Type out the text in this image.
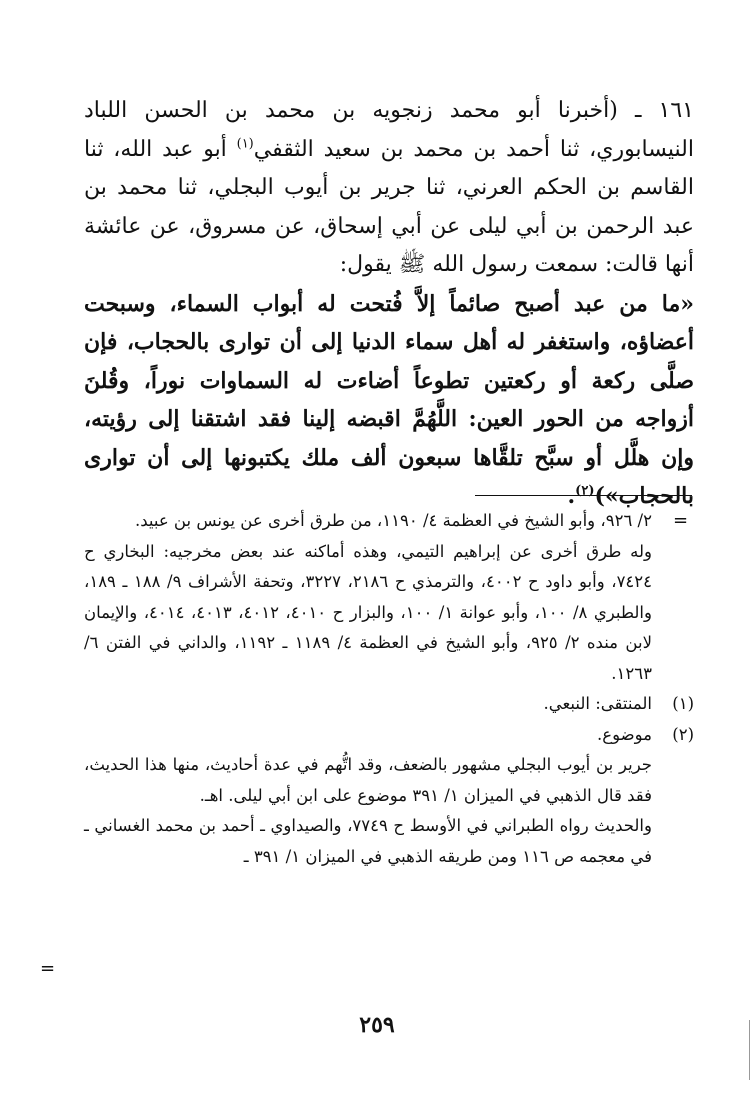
١٦١ ـ (أخبرنا أبو محمد زنجويه بن محمد بن الحسن اللباد النيسابوري، ثنا أحمد بن محمد بن سعيد الثقفي$^{(١)}$ أبو عبد الله، ثنا القاسم بن الحكم العرني، ثنا جرير بن أيوب البجلي، ثنا محمد بن عبد الرحمن بن أبي ليلى عن أبي إسحاق، عن مسروق، عن عائشة أنها قالت: سمعت رسول الله ﷺ يقول:

«ما من عبد أصبح صائماً إلاَّ فُتحت له أبواب السماء، وسبحت أعضاؤه، واستغفر له أهل سماء الدنيا إلى أن توارى بالحجاب، فإن صلَّى ركعة أو ركعتين تطوعاً أضاءت له السماوات نوراً، وقُلنَ أزواجه من الحور العين: اللَّهُمَّ اقبضه إلينا فقد اشتقنا إلى رؤيته، وإن هلَّل أو سبَّح تلقَّاها سبعون ألف ملك يكتبونها إلى أن توارى بالحجاب»)$^{(٢)}$.

=

٢/ ٩٢٦، وأبو الشيخ في العظمة ٤/ ١١٩٠، من طرق أخرى عن يونس بن عبيد.

وله طرق أخرى عن إبراهيم التيمي، وهذه أماكنه عند بعض مخرجيه: البخاري ح ٧٤٢٤، وأبو داود ح ٤٠٠٢، والترمذي ح ٢١٨٦، ٣٢٢٧، وتحفة الأشراف ٩/ ١٨٨ ـ ١٨٩، والطبري ٨/ ١٠٠، وأبو عوانة ١/ ١٠٠، والبزار ح ٤٠١٠، ٤٠١٢، ٤٠١٣، ٤٠١٤، والإيمان لابن منده ٢/ ٩٢٥، وأبو الشيخ في العظمة ٤/ ١١٨٩ ـ ١١٩٢، والداني في الفتن ٦/ ١٢٦٣.

(١)
المنتقى: النبعي.
(٢)
موضوع.

جرير بن أيوب البجلي مشهور بالضعف، وقد اتُّهم في عدة أحاديث، منها هذا الحديث، فقد قال الذهبي في الميزان ١/ ٣٩١ موضوع على ابن أبي ليلى. اهـ.

والحديث رواه الطبراني في الأوسط ح ٧٧٤٩، والصيداوي ـ أحمد بن محمد الغساني ـ في معجمه ص ١١٦ ومن طريقه الذهبي في الميزان ١/ ٣٩١ ـ

=
٢٥٩
